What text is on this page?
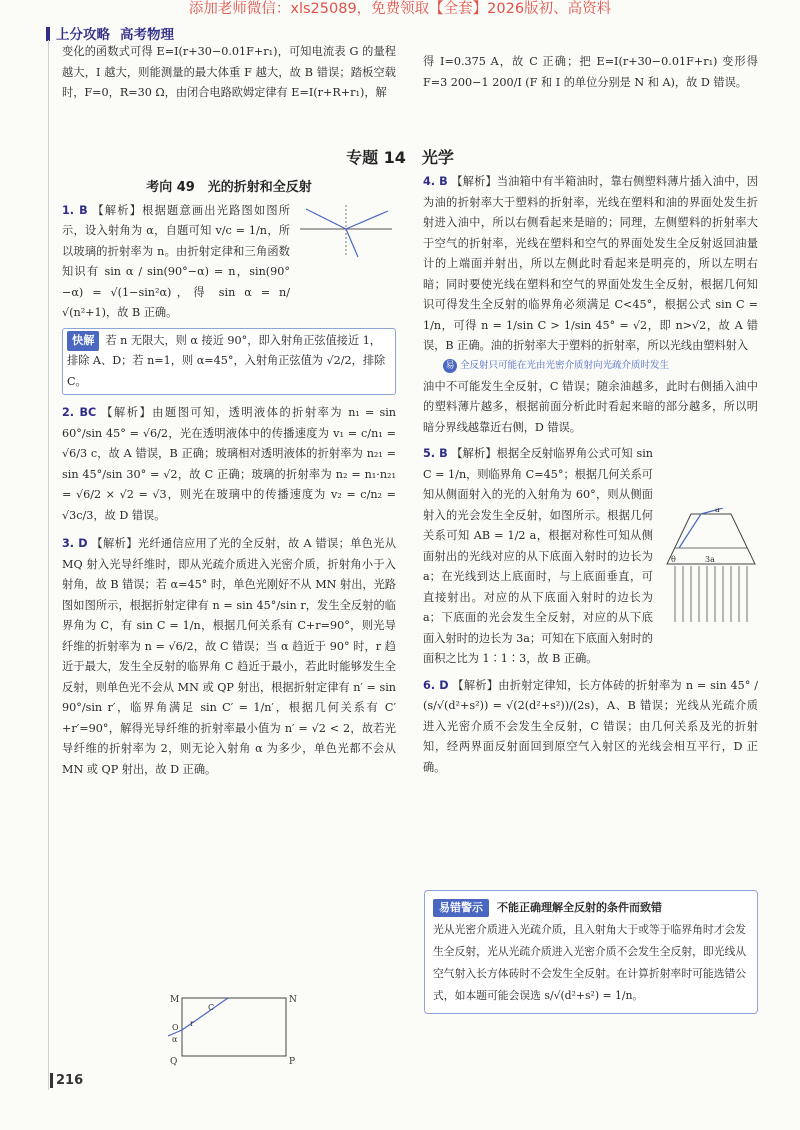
添加老师微信：xls25089，免费领取【全套】2026版初、高资料
上分攻略 高考物理

变化的函数式可得 E=I(r+30−0.01F+r₁)，可知电流表 G 的量程越大，I 越大，则能测量的最大体重 F 越大，故 B 错误；踏板空载时，F=0，R=30 Ω，由闭合电路欧姆定律有 E=I(r+R+r₁)，解

得 I=0.375 A，故 C 正确；把 E=I(r+30−0.01F+r₁) 变形得 F=3 200−1 200/I (F 和 I 的单位分别是 N 和 A)，故 D 错误。

专题 14　光学
考向 49　光的折射和全反射

1. B 【解析】根据题意画出光路图如图所示，设入射角为 α，自题可知 v/c = 1/n，所以玻璃的折射率为 n。由折射定律和三角函数知识有 sin α / sin(90°−α) = n，sin(90°−α) = √(1−sin²α)，得 sin α = n/√(n²+1)，故 B 正确。

快解 若 n 无限大，则 α 接近 90°，即入射角正弦值接近 1，排除 A、D；若 n=1，则 α=45°，入射角正弦值为 √2/2，排除 C。

2. BC 【解析】由题图可知，透明液体的折射率为 n₁ = sin 60°/sin 45° = √6/2，光在透明液体中的传播速度为 v₁ = c/n₁ = √6/3 c，故 A 错误，B 正确；玻璃相对透明液体的折射率为 n₂₁ = sin 45°/sin 30° = √2，故 C 正确；玻璃的折射率为 n₂ = n₁·n₂₁ = √6/2 × √2 = √3，则光在玻璃中的传播速度为 v₂ = c/n₂ = √3c/3，故 D 错误。

3. D 【解析】光纤通信应用了光的全反射，故 A 错误；单色光从 MQ 射入光导纤维时，即从光疏介质进入光密介质，折射角小于入射角，故 B 错误；若 α=45° 时，单色光刚好不从 MN 射出，光路图如图所示，根据折射定律有 n = sin 45°/sin r，发生全反射的临界角为 C，有 sin C = 1/n，根据几何关系有 C+r=90°，则光导纤维的折射率为 n = √6/2，故 C 错误；当 α 趋近于 90° 时，r 趋近于最大，发生全反射的临界角 C 趋近于最小，若此时能够发生全反射，则单色光不会从 MN 或 QP 射出，根据折射定律有 n′ = sin 90°/sin r′，临界角满足 sin C′ = 1/n′，根据几何关系有 C′+r′=90°，解得光导纤维的折射率最小值为 n′ = √2 < 2，故若光导纤维的折射率为 2，则无论入射角 α 为多少，单色光都不会从 MN 或 QP 射出，故 D 正确。

M	N
Q	P
O
α
r
C

4. B 【解析】当油箱中有半箱油时，靠右侧塑料薄片插入油中，因为油的折射率大于塑料的折射率，光线在塑料和油的界面处发生折射进入油中，所以右侧看起来是暗的；同理，左侧塑料的折射率大于空气的折射率，光线在塑料和空气的界面处发生全反射返回油量计的上端面并射出，所以左侧此时看起来是明亮的，所以左明右暗；同时要使光线在塑料和空气的界面处发生全反射，根据几何知识可得发生全反射的临界角必须满足 C<45°，根据公式 sin C = 1/n，可得 n = 1/sin C > 1/sin 45° = √2，即 n>√2，故 A 错误，B 正确。油的折射率大于塑料的折射率，所以光线由塑料射入

易 全反射只可能在光由光密介质射向光疏介质时发生

油中不可能发生全反射，C 错误；随余油越多，此时右侧插入油中的塑料薄片越多，根据前面分析此时看起来暗的部分越多，所以明暗分界线越靠近右侧，D 错误。

5. B 【解析】根据全反射临界角公式可知 sin C = 1/n，则临界角 C=45°；根据几何关系可知从侧面射入的光的入射角为 60°，则从侧面射入的光会发生全反射，如图所示。根据几何关系可知 AB = 1/2 a，根据对称性可知从侧面射出的光线对应的从下底面入射时的边长为 a；在光线到达上底面时，与上底面垂直，可直接射出。对应的从下底面入射时的边长为 a；下底面的光会发生全反射，对应的从下底面入射时的边长为 3a；可知在下底面入射时的面积之比为 1∶1∶3，故 B 正确。

6. D 【解析】由折射定律知，长方体砖的折射率为 n = sin 45° / (s/√(d²+s²)) = √(2(d²+s²))/(2s)，A、B 错误；光线从光疏介质进入光密介质不会发生全反射，C 错误；由几何关系及光的折射知，经两界面反射面回到原空气入射区的光线会相互平行，D 正确。

a
3a
θ
易错警示 不能正确理解全反射的条件而致错
光从光密介质进入光疏介质，且入射角大于或等于临界角时才会发生全反射，光从光疏介质进入光密介质不会发生全反射，即光线从空气射入长方体砖时不会发生全反射。在计算折射率时可能选错公式，如本题可能会误选 s/√(d²+s²) = 1/n。
216
